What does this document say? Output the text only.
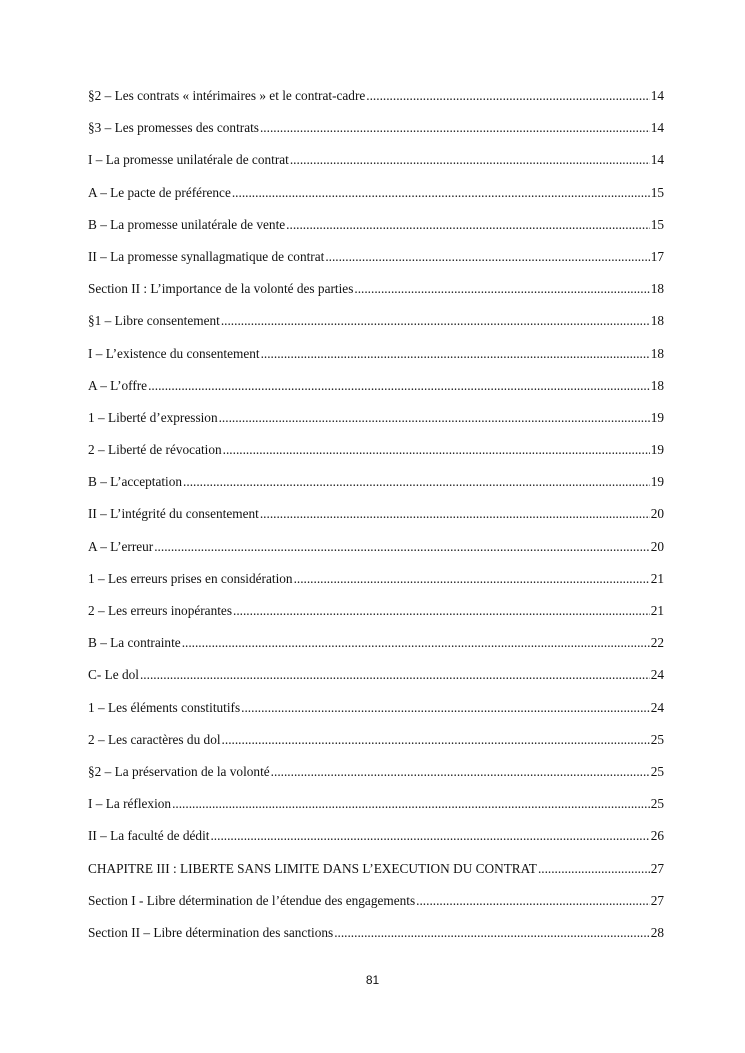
§2 – Les contrats « intérimaires » et le contrat-cadre .....	14
§3 – Les promesses des contrats .....	14
I – La promesse unilatérale de contrat .....	14
A – Le pacte de préférence .....	15
B – La promesse unilatérale de vente .....	15
II – La promesse synallagmatique de contrat .....	17
Section II : L’importance de la volonté des parties .....	18
§1 – Libre consentement .....	18
I – L’existence du consentement .....	18
A – L’offre .....	18
1 – Liberté d’expression .....	19
2 – Liberté de révocation .....	19
B – L’acceptation .....	19
II – L’intégrité du consentement .....	20
A – L’erreur .....	20
1 – Les erreurs prises en considération .....	21
2 – Les erreurs inopérantes .....	21
B – La contrainte .....	22
C- Le dol .....	24
1 – Les éléments constitutifs .....	24
2 – Les caractères du dol .....	25
§2 – La préservation de la volonté .....	25
I – La réflexion .....	25
II – La faculté de dédit .....	26
CHAPITRE III : LIBERTE SANS LIMITE DANS L’EXECUTION DU CONTRAT .....	27
Section I - Libre détermination de l’étendue des engagements .....	27
Section II – Libre détermination des sanctions .....	28
81
